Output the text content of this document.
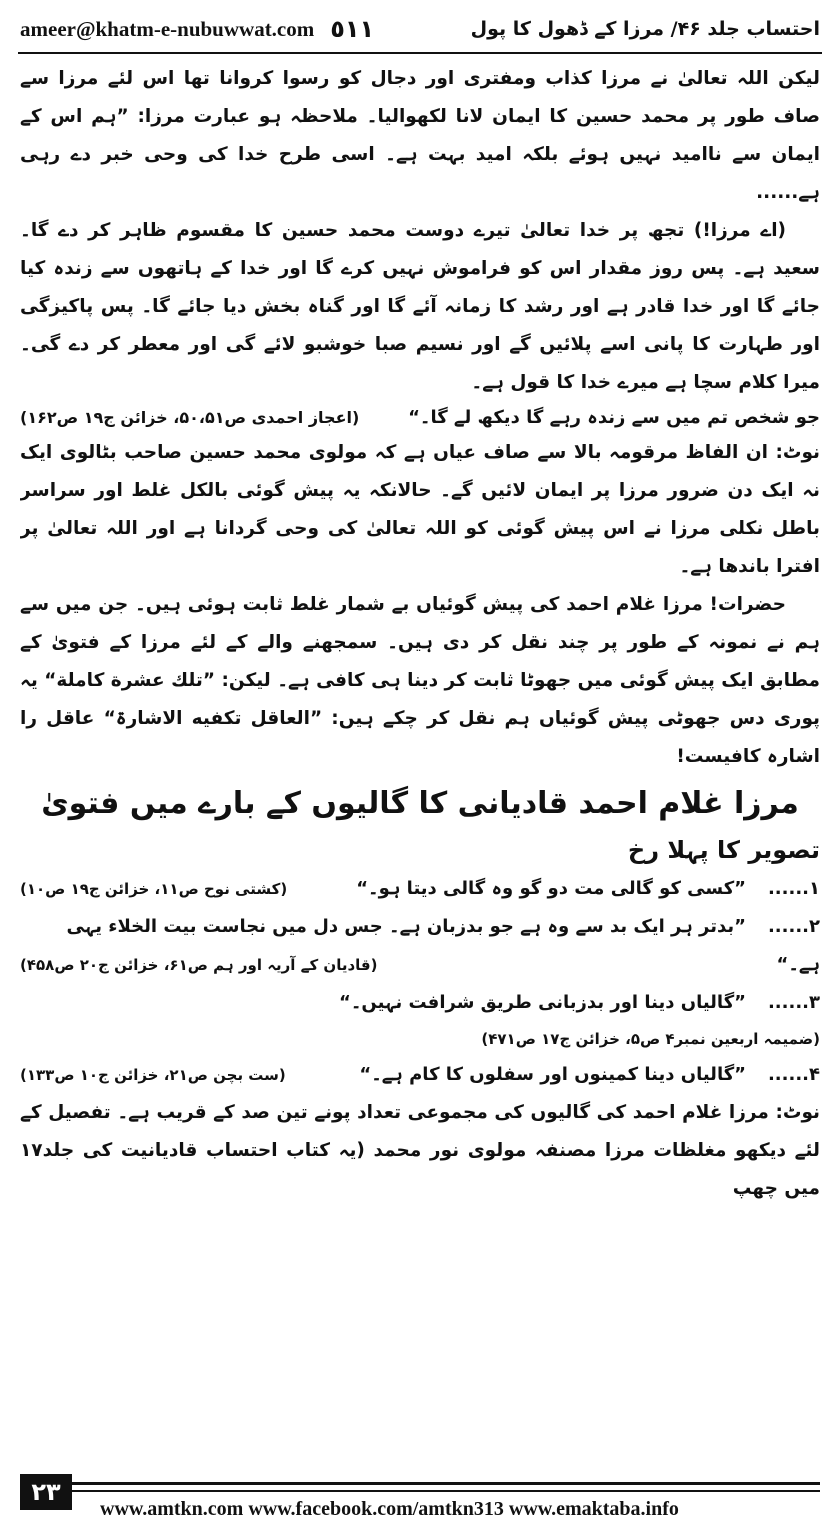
ameer@khatm-e-nubuwwat.com ٥١١	احتساب جلد ۴۶/ مرزا کے ڈھول کا پول

لیکن اللہ تعالیٰ نے مرزا کذاب ومفتری اور دجال کو رسوا کروانا تھا اس لئے مرزا سے صاف طور پر محمد حسین کا ایمان لانا لکھوالیا۔ ملاحظہ ہو عبارت مرزا: ”ہم اس کے ایمان سے ناامید نہیں ہوئے بلکہ امید بہت ہے۔ اسی طرح خدا کی وحی خبر دے رہی ہے......

(اے مرزا!) تجھ پر خدا تعالیٰ تیرے دوست محمد حسین کا مقسوم ظاہر کر دے گا۔ سعید ہے۔ پس روز مقدار اس کو فراموش نہیں کرے گا اور خدا کے ہاتھوں سے زندہ کیا جائے گا اور خدا قادر ہے اور رشد کا زمانہ آئے گا اور گناہ بخش دیا جائے گا۔ پس پاکیزگی اور طہارت کا پانی اسے پلائیں گے اور نسیم صبا خوشبو لائے گی اور معطر کر دے گی۔ میرا کلام سچا ہے میرے خدا کا قول ہے۔

جو شخص تم میں سے زندہ رہے گا دیکھ لے گا۔“
(اعجاز احمدی ص۵۰،۵۱، خزائن ج۱۹ ص۱۶۲)

نوٹ: ان الفاظ مرقومہ بالا سے صاف عیاں ہے کہ مولوی محمد حسین صاحب بٹالوی ایک نہ ایک دن ضرور مرزا پر ایمان لائیں گے۔ حالانکہ یہ پیش گوئی بالکل غلط اور سراسر باطل نکلی مرزا نے اس پیش گوئی کو اللہ تعالیٰ کی وحی گردانا ہے اور اللہ تعالیٰ پر افترا باندھا ہے۔

حضرات! مرزا غلام احمد کی پیش گوئیاں بے شمار غلط ثابت ہوئی ہیں۔ جن میں سے ہم نے نمونہ کے طور پر چند نقل کر دی ہیں۔ سمجھنے والے کے لئے مرزا کے فتویٰ کے مطابق ایک پیش گوئی میں جھوٹا ثابت کر دینا ہی کافی ہے۔ لیکن: ”تلك عشرة كاملة“ یہ پوری دس جھوٹی پیش گوئیاں ہم نقل کر چکے ہیں: ”العاقل تکفیه الاشارۃ“ عاقل را اشارہ کافیست!

مرزا غلام احمد قادیانی کا گالیوں کے بارے میں فتویٰ
تصویر کا پہلا رخ
۱......
”کسی کو گالی مت دو گو وہ گالی دیتا ہو۔“
(کشتی نوح ص۱۱، خزائن ج۱۹ ص۱۰)
۲......
”بدتر ہر ایک بد سے وہ ہے جو بدزبان ہے۔ جس دل میں نجاست بیت الخلاء یہی
ہے۔“
(قادیان کے آریہ اور ہم ص۶۱، خزائن ج۲۰ ص۴۵۸)
۳......
”گالیاں دینا اور بدزبانی طریق شرافت نہیں۔“
(ضمیمہ اربعین نمبر۴ ص۵، خزائن ج۱۷ ص۴۷۱)
۴......
”گالیاں دینا کمینوں اور سفلوں کا کام ہے۔“
(ست بچن ص۲۱، خزائن ج۱۰ ص۱۳۳)

نوٹ: مرزا غلام احمد کی گالیوں کی مجموعی تعداد پونے تین صد کے قریب ہے۔ تفصیل کے لئے دیکھو مغلظات مرزا مصنفہ مولوی نور محمد (یہ کتاب احتساب قادیانیت کی جلد۱۷ میں چھپ

۲۳
www.amtkn.com www.facebook.com/amtkn313 www.emaktaba.info
